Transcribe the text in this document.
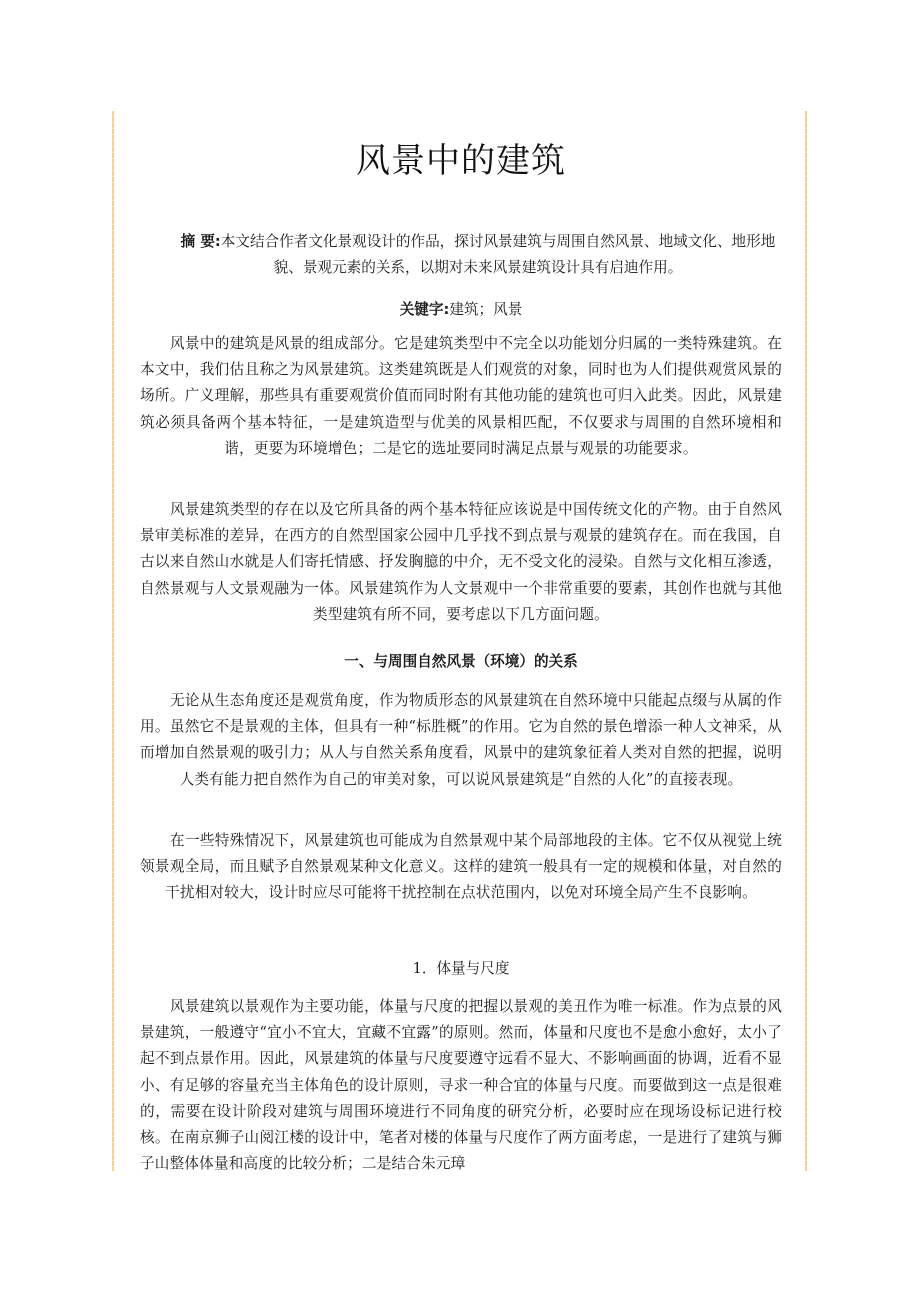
风景中的建筑
摘 要:本文结合作者文化景观设计的作品，探讨风景建筑与周围自然风景、地域文化、地形地貌、景观元素的关系，以期对未来风景建筑设计具有启迪作用。
关键字:建筑；风景

风景中的建筑是风景的组成部分。它是建筑类型中不完全以功能划分归属的一类特殊建筑。在本文中，我们估且称之为风景建筑。这类建筑既是人们观赏的对象，同时也为人们提供观赏风景的场所。广义理解，那些具有重要观赏价值而同时附有其他功能的建筑也可归入此类。因此，风景建筑必须具备两个基本特征，一是建筑造型与优美的风景相匹配，不仅要求与周围的自然环境相和谐，更要为环境增色；二是它的选址要同时满足点景与观景的功能要求。

风景建筑类型的存在以及它所具备的两个基本特征应该说是中国传统文化的产物。由于自然风景审美标准的差异，在西方的自然型国家公园中几乎找不到点景与观景的建筑存在。而在我国，自古以来自然山水就是人们寄托情感、抒发胸臆的中介，无不受文化的浸染。自然与文化相互渗透，自然景观与人文景观融为一体。风景建筑作为人文景观中一个非常重要的要素，其创作也就与其他类型建筑有所不同，要考虑以下几方面问题。

一、与周围自然风景（环境）的关系

无论从生态角度还是观赏角度，作为物质形态的风景建筑在自然环境中只能起点缀与从属的作用。虽然它不是景观的主体，但具有一种“标胜概”的作用。它为自然的景色增添一种人文神采，从而增加自然景观的吸引力；从人与自然关系角度看，风景中的建筑象征着人类对自然的把握，说明人类有能力把自然作为自己的审美对象，可以说风景建筑是“自然的人化”的直接表现。

在一些特殊情况下，风景建筑也可能成为自然景观中某个局部地段的主体。它不仅从视觉上统领景观全局，而且赋予自然景观某种文化意义。这样的建筑一般具有一定的规模和体量，对自然的干扰相对较大，设计时应尽可能将干扰控制在点状范围内，以免对环境全局产生不良影响。

1．体量与尺度

风景建筑以景观作为主要功能，体量与尺度的把握以景观的美丑作为唯一标准。作为点景的风景建筑，一般遵守“宜小不宜大，宜藏不宜露”的原则。然而，体量和尺度也不是愈小愈好，太小了起不到点景作用。因此，风景建筑的体量与尺度要遵守远看不显大、不影响画面的协调，近看不显小、有足够的容量充当主体角色的设计原则，寻求一种合宜的体量与尺度。而要做到这一点是很难的，需要在设计阶段对建筑与周围环境进行不同角度的研究分析，必要时应在现场设标记进行校核。在南京狮子山阅江楼的设计中，笔者对楼的体量与尺度作了两方面考虑，一是进行了建筑与狮子山整体体量和高度的比较分析；二是结合朱元璋
